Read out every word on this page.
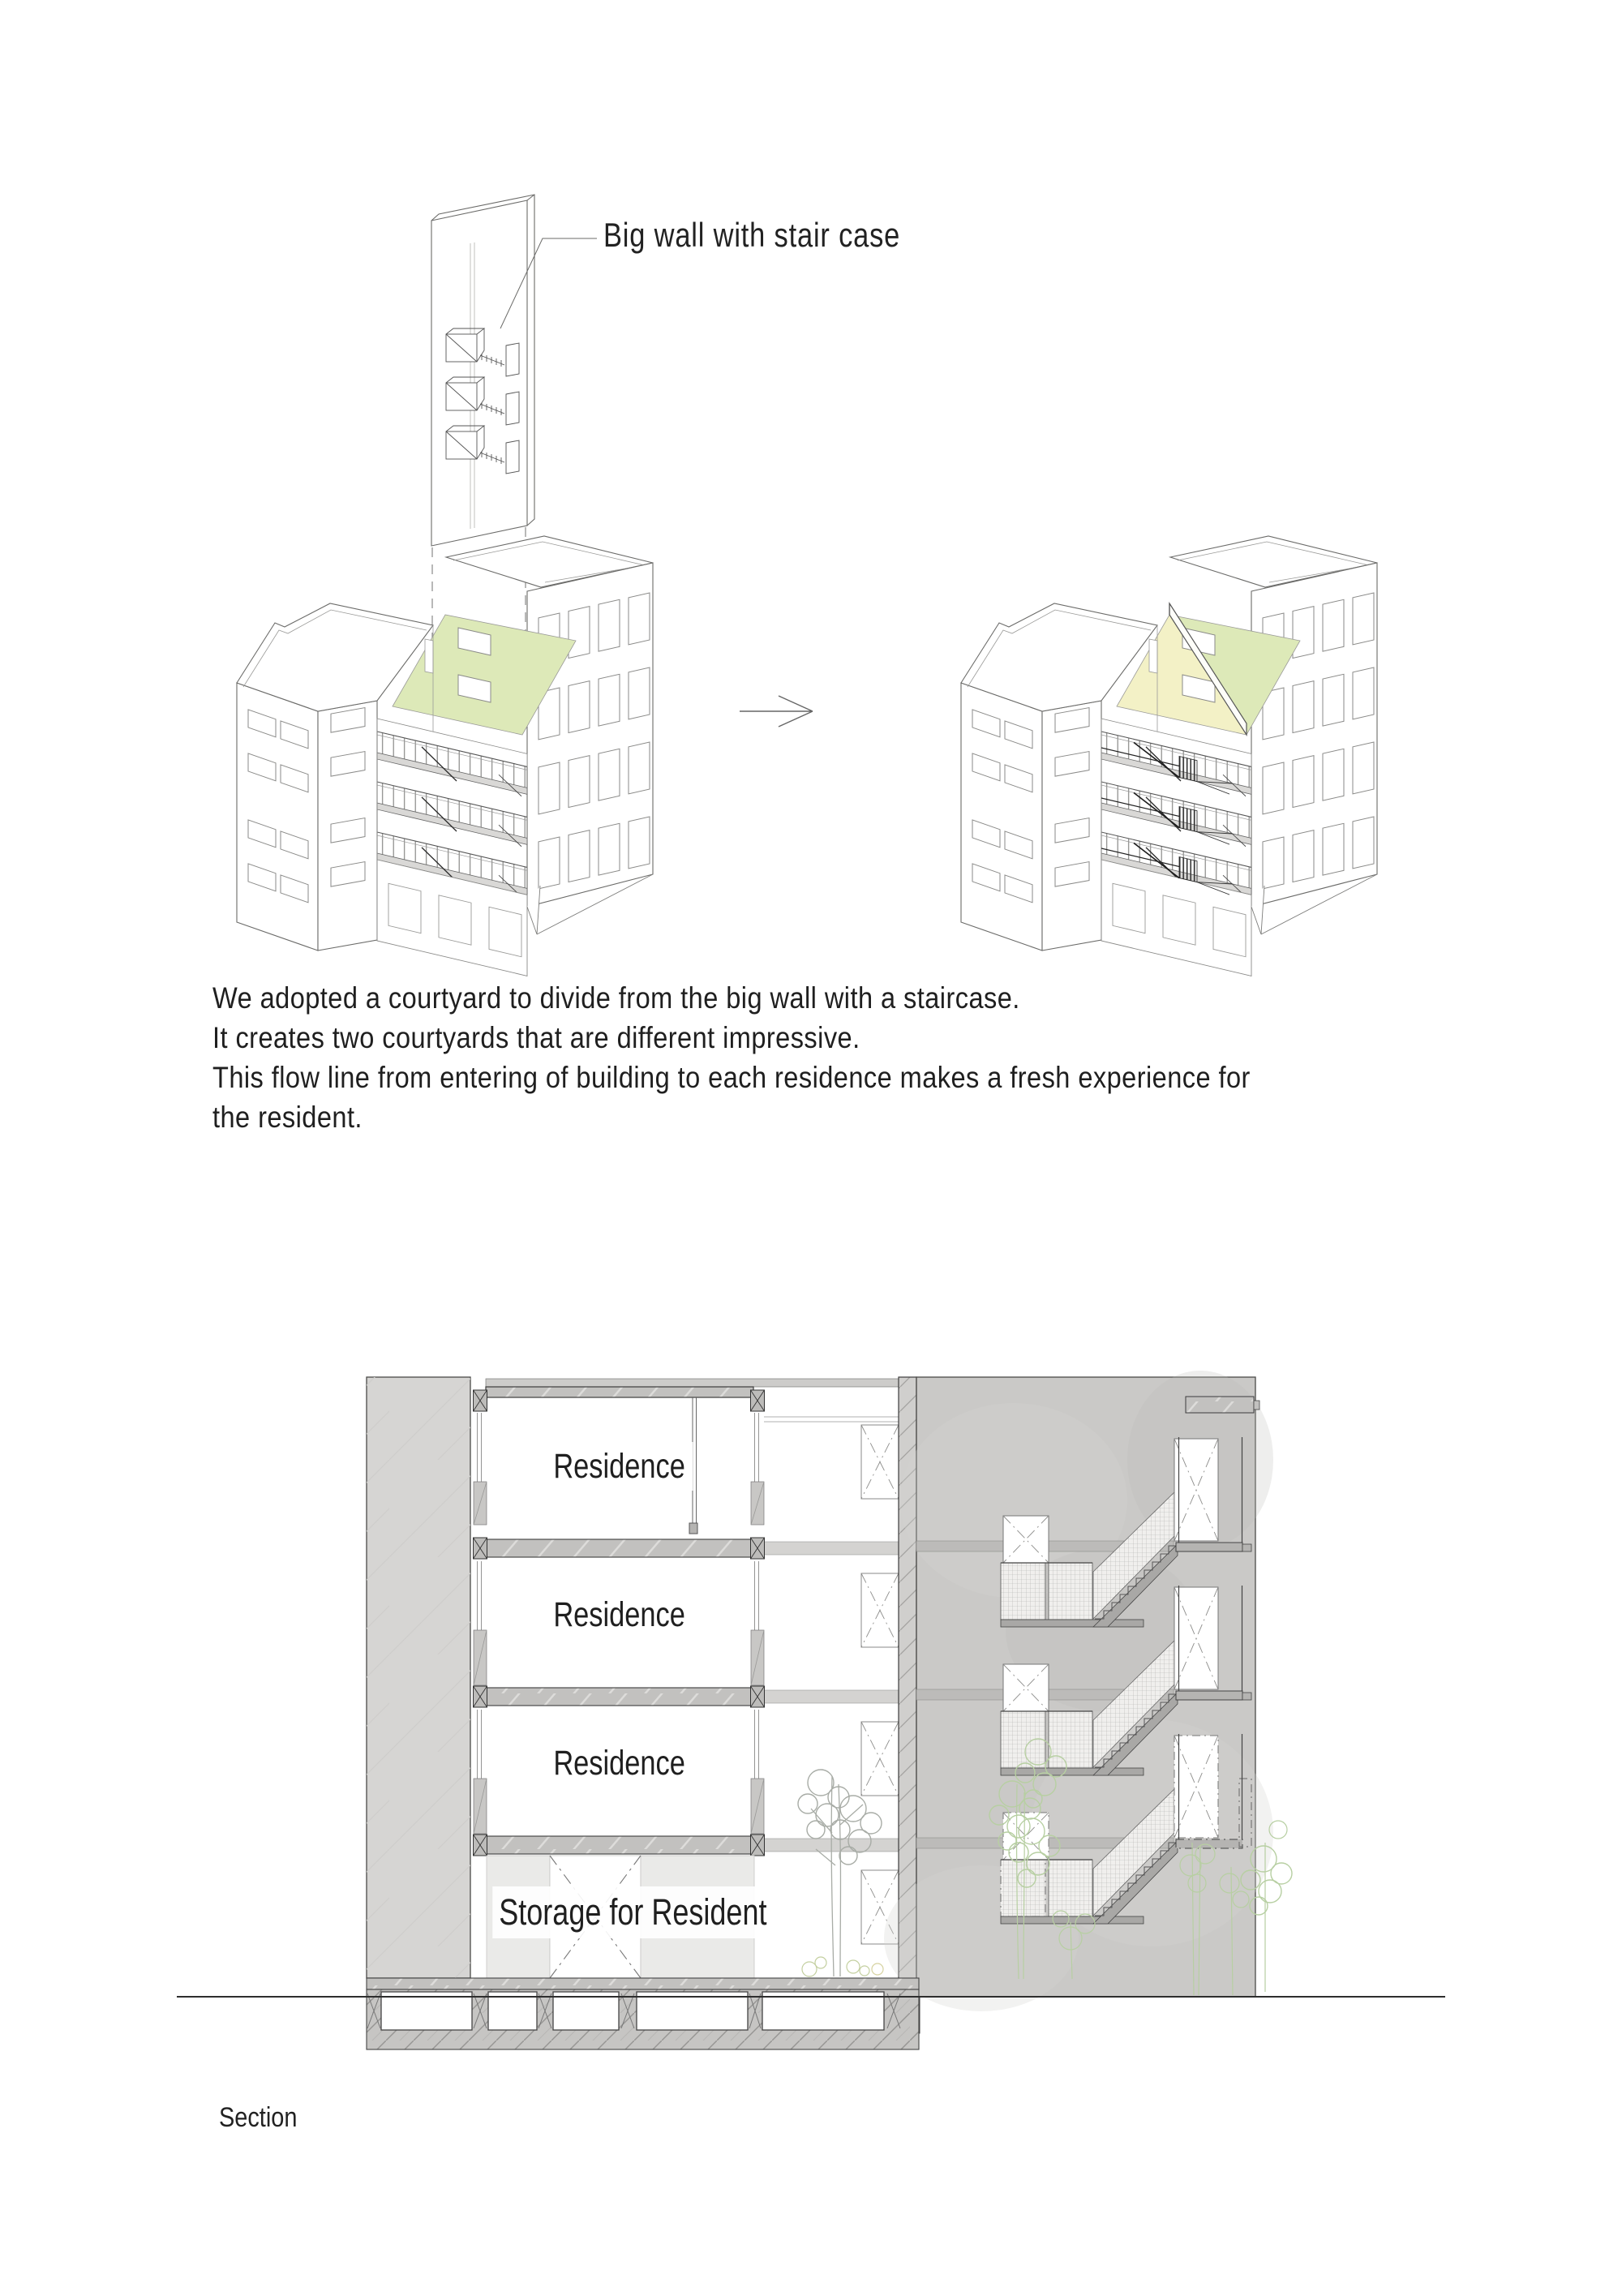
Big wall with stair case
We adopted a courtyard to divide from the big wall with a staircase.
It creates two courtyards that are different impressive.
This flow line from entering of building to each residence makes a fresh experience for
the resident.
Residence
Residence
Residence
Storage for Resident
Section
